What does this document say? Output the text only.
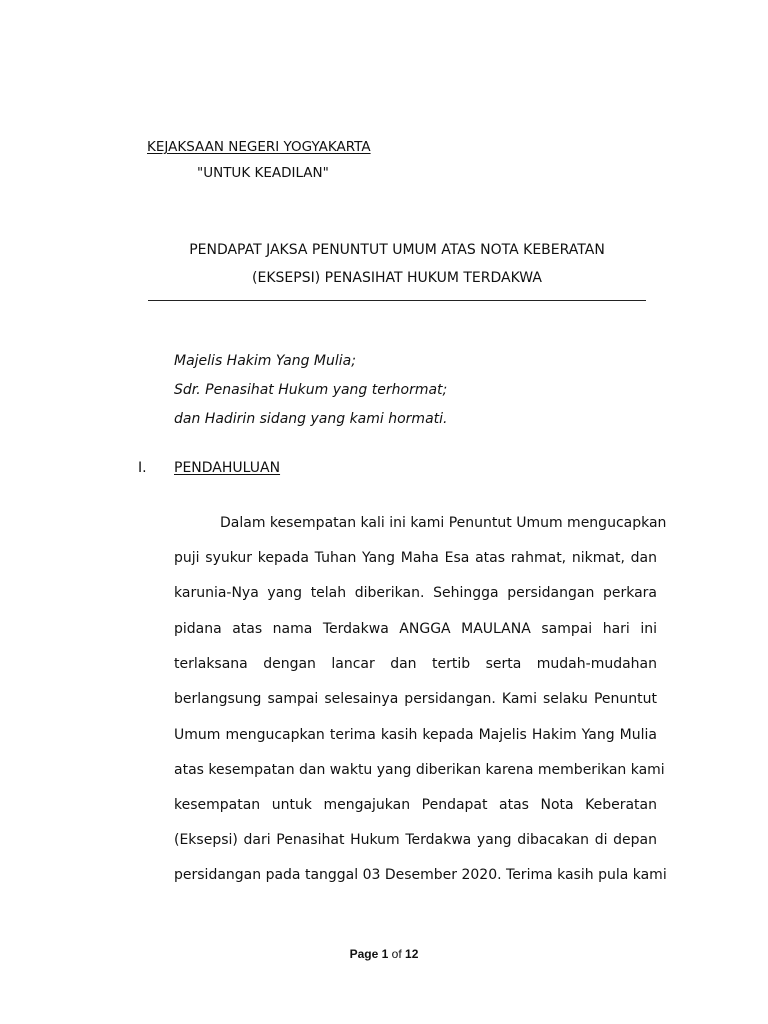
KEJAKSAAN NEGERI YOGYAKARTA
"UNTUK KEADILAN"
PENDAPAT JAKSA PENUNTUT UMUM ATAS NOTA KEBERATAN
(EKSEPSI) PENASIHAT HUKUM TERDAKWA
Majelis Hakim Yang Mulia;
Sdr. Penasihat Hukum yang terhormat;
dan Hadirin sidang yang kami hormati.
I. PENDAHULUAN
Dalam kesempatan kali ini kami Penuntut Umum mengucapkan
puji syukur kepada Tuhan Yang Maha Esa atas rahmat, nikmat, dan
karunia-Nya yang telah diberikan. Sehingga persidangan perkara
pidana atas nama Terdakwa ANGGA MAULANA sampai hari ini
terlaksana dengan lancar dan tertib serta mudah-mudahan
berlangsung sampai selesainya persidangan. Kami selaku Penuntut
Umum mengucapkan terima kasih kepada Majelis Hakim Yang Mulia
atas kesempatan dan waktu yang diberikan karena memberikan kami
kesempatan untuk mengajukan Pendapat atas Nota Keberatan
(Eksepsi) dari Penasihat Hukum Terdakwa yang dibacakan di depan
persidangan pada tanggal 03 Desember 2020. Terima kasih pula kami
Page 1 of 12
